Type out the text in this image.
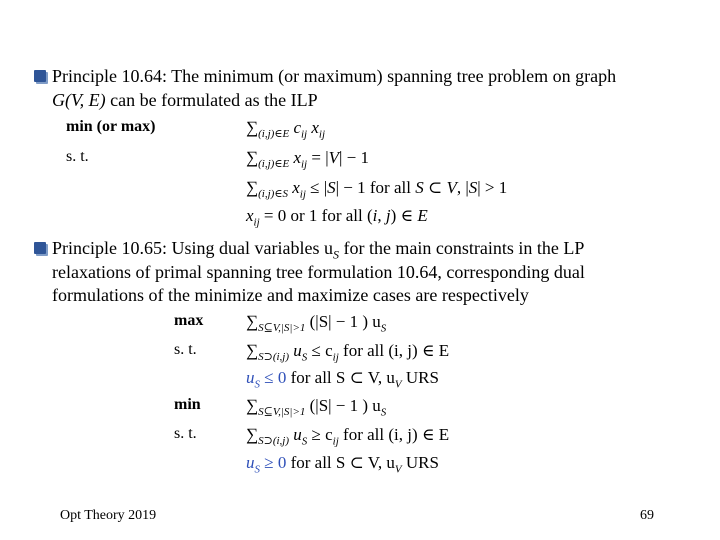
Principle 10.64: The minimum (or maximum) spanning tree problem on graph
G(V, E) can be formulated as the ILP
min (or max)
s. t.
$\sum_{(i,j)\in E}$ $c_{ij}$ $x_{ij}$
$\sum_{(i,j)\in E}$ $x_{ij} = |V| - 1$
$\sum_{(i,j)\in S}$ $x_{ij} \le |S| - 1$ for all S ⊂ V, |S| > 1
$x_{ij} = 0$ or 1 for all (i, j) ∈ E
Principle 10.65: Using dual variables $u_S$ for the main constraints in the LP
relaxations of primal spanning tree formulation 10.64, corresponding dual
formulations of the minimize and maximize cases are respectively
max
s. t.
$\sum_{S⊆V,|S|>1}$ (|S| − 1 ) $u_S$
$\sum_{S⊃(i,j)}$ $u_S \le c_{ij}$ for all (i, j) ∈ E
$u_S \le 0$ for all S ⊂ V, $u_V$ URS
min
s. t.
$\sum_{S⊆V,|S|>1}$ (|S| − 1 ) $u_S$
$\sum_{S⊃(i,j)}$ $u_S \ge c_{ij}$ for all (i, j) ∈ E
$u_S \ge 0$ for all S ⊂ V, $u_V$ URS
Opt Theory 2019	69
